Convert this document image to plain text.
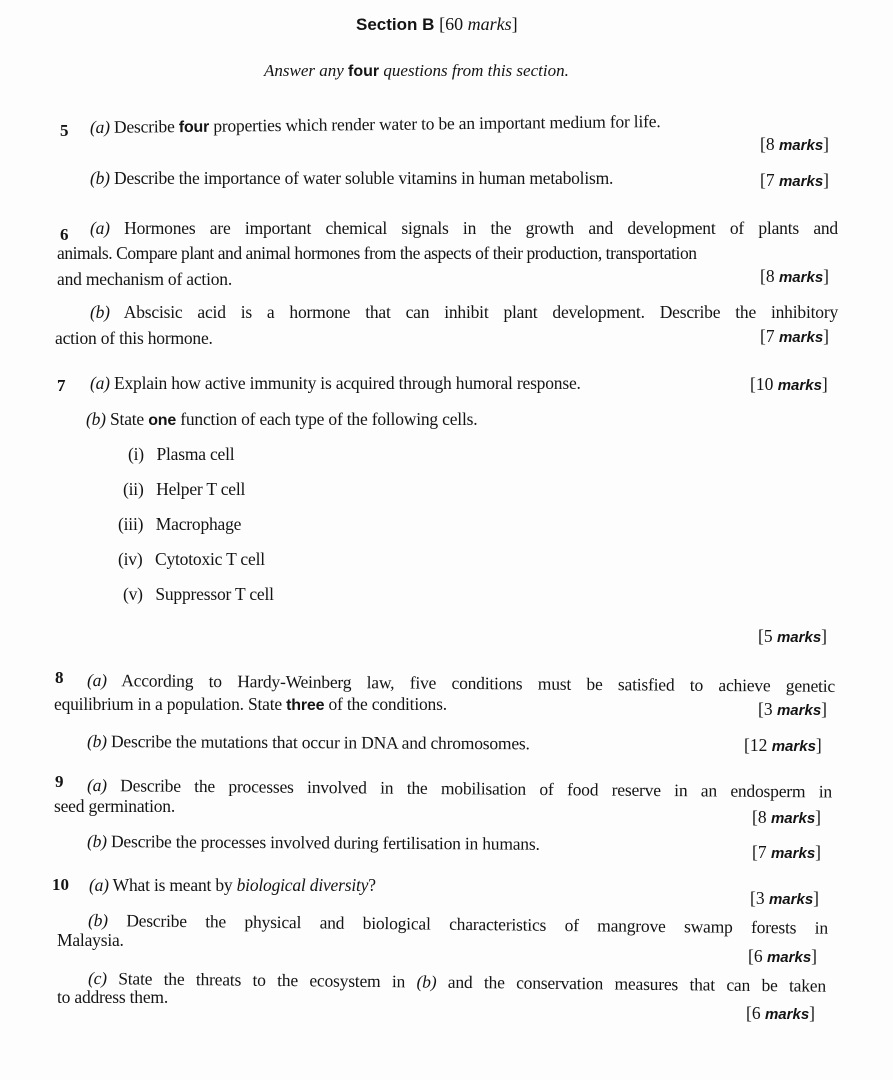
Section B [60 marks]
Answer any four questions from this section.
5 (a) Describe four properties which render water to be an important medium for life.
[8 marks]
(b) Describe the importance of water soluble vitamins in human metabolism.	[7 marks]
6 (a) Hormones are important chemical signals in the growth and development of plants and
animals. Compare plant and animal hormones from the aspects of their production, transportation
and mechanism of action.	[8 marks]
(b) Abscisic acid is a hormone that can inhibit plant development. Describe the inhibitory
action of this hormone.	[7 marks]
7 (a) Explain how active immunity is acquired through humoral response.	[10 marks]
(b) State one function of each type of the following cells.
(i) Plasma cell
(ii) Helper T cell
(iii) Macrophage
(iv) Cytotoxic T cell
(v) Suppressor T cell
[5 marks]
8 (a) According to Hardy-Weinberg law, five conditions must be satisfied to achieve genetic
equilibrium in a population. State three of the conditions.	[3 marks]
(b) Describe the mutations that occur in DNA and chromosomes.	[12 marks]
9 (a) Describe the processes involved in the mobilisation of food reserve in an endosperm in
seed germination.
[8 marks]
(b) Describe the processes involved during fertilisation in humans.	[7 marks]
10 (a) What is meant by biological diversity?
[3 marks]
(b) Describe the physical and biological characteristics of mangrove swamp forests in
Malaysia.
[6 marks]
(c) State the threats to the ecosystem in (b) and the conservation measures that can be taken
to address them.
[6 marks]
